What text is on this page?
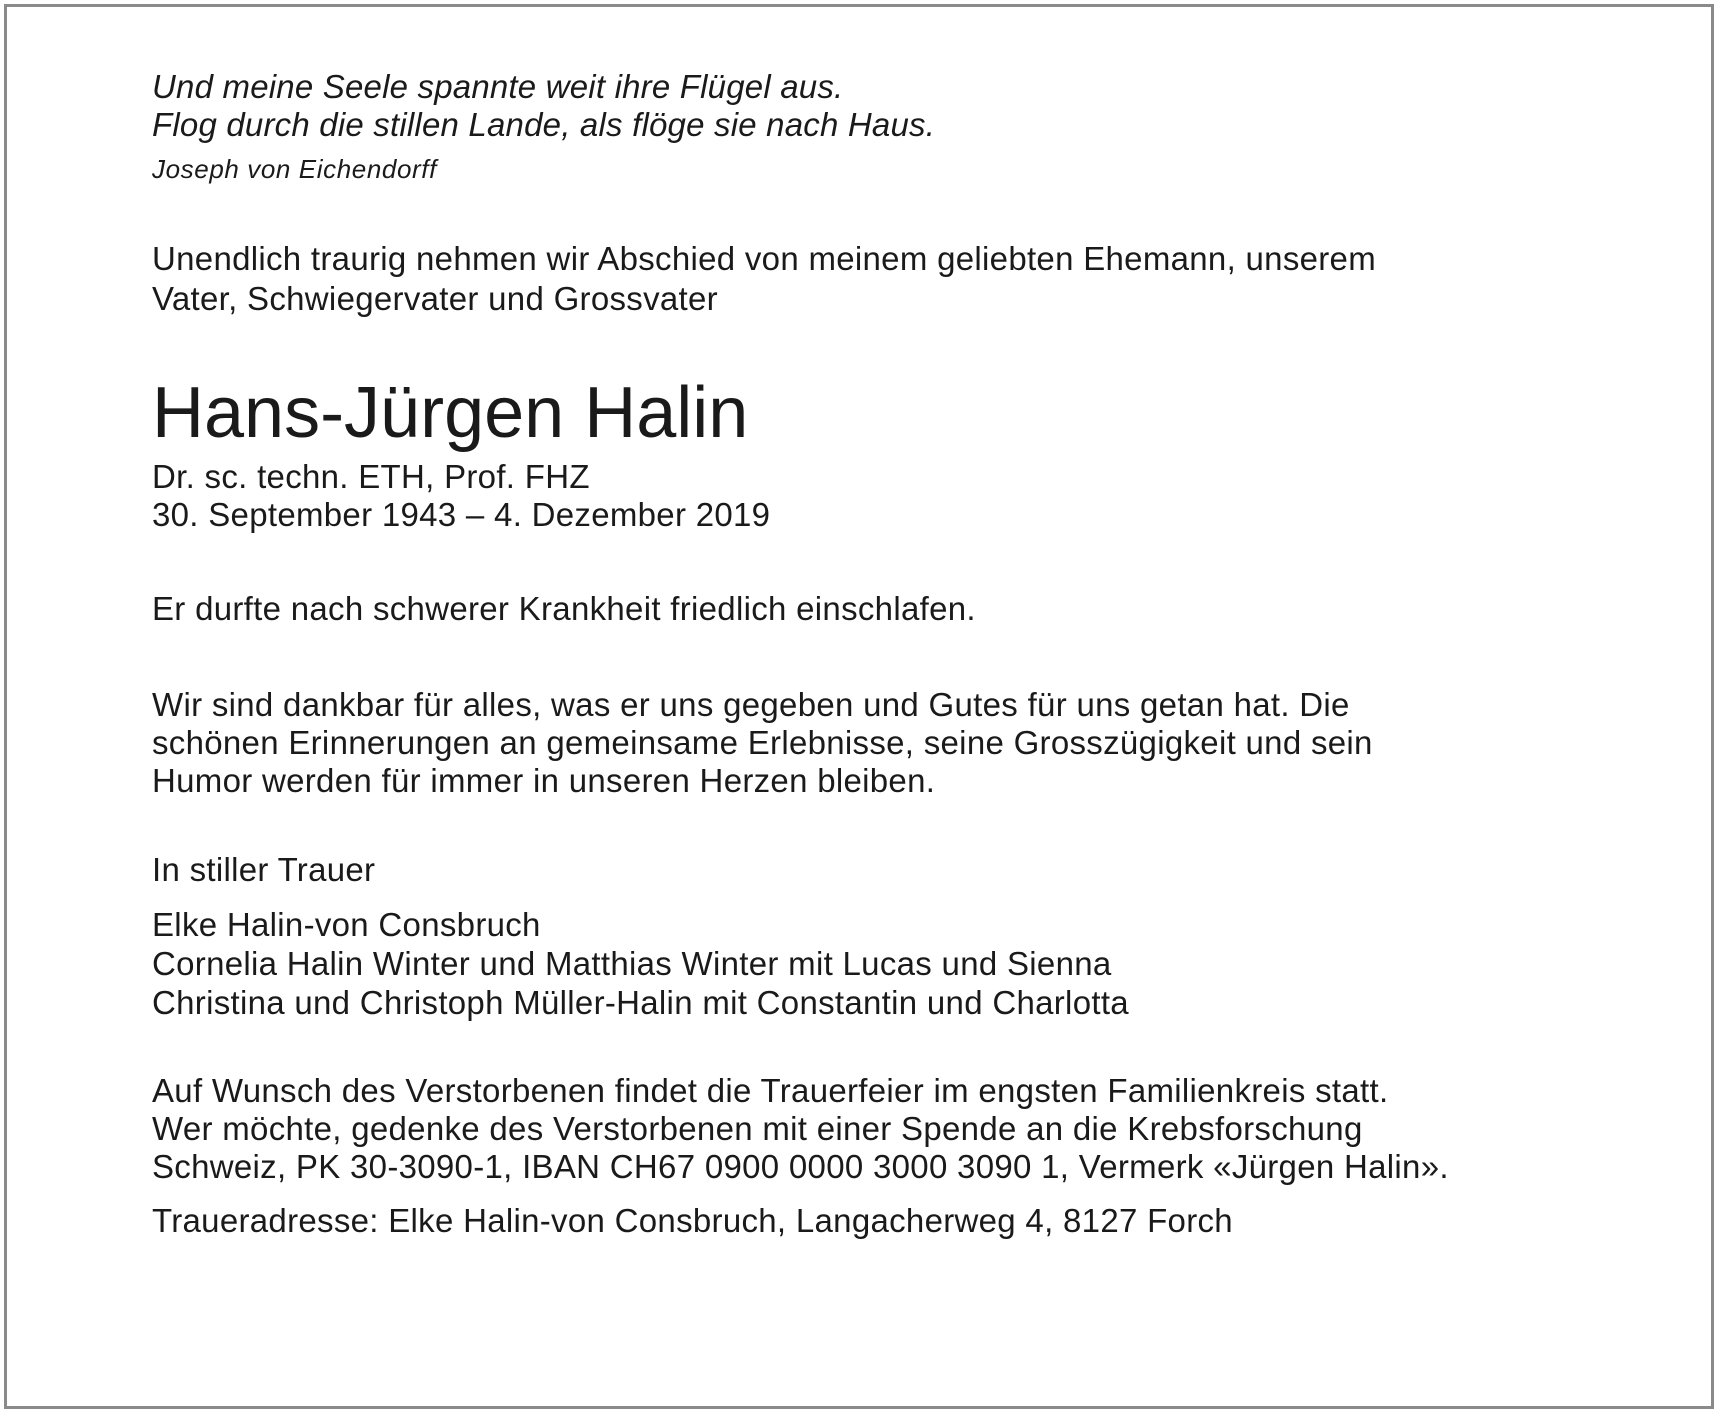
Und meine Seele spannte weit ihre Flügel aus.
Flog durch die stillen Lande, als flöge sie nach Haus.
Joseph von Eichendorff
Unendlich traurig nehmen wir Abschied von meinem geliebten Ehemann, unserem
Vater, Schwiegervater und Grossvater
Hans-Jürgen Halin
Dr. sc. techn. ETH, Prof. FHZ
30. September 1943 – 4. Dezember 2019
Er durfte nach schwerer Krankheit friedlich einschlafen.
Wir sind dankbar für alles, was er uns gegeben und Gutes für uns getan hat. Die
schönen Erinnerungen an gemeinsame Erlebnisse, seine Grosszügigkeit und sein
Humor werden für immer in unseren Herzen bleiben.
In stiller Trauer
Elke Halin-von Consbruch
Cornelia Halin Winter und Matthias Winter mit Lucas und Sienna
Christina und Christoph Müller-Halin mit Constantin und Charlotta
Auf Wunsch des Verstorbenen findet die Trauerfeier im engsten Familienkreis statt.
Wer möchte, gedenke des Verstorbenen mit einer Spende an die Krebsforschung
Schweiz, PK 30-3090-1, IBAN CH67 0900 0000 3000 3090 1, Vermerk «Jürgen Halin».
Traueradresse: Elke Halin-von Consbruch, Langacherweg 4, 8127 Forch
